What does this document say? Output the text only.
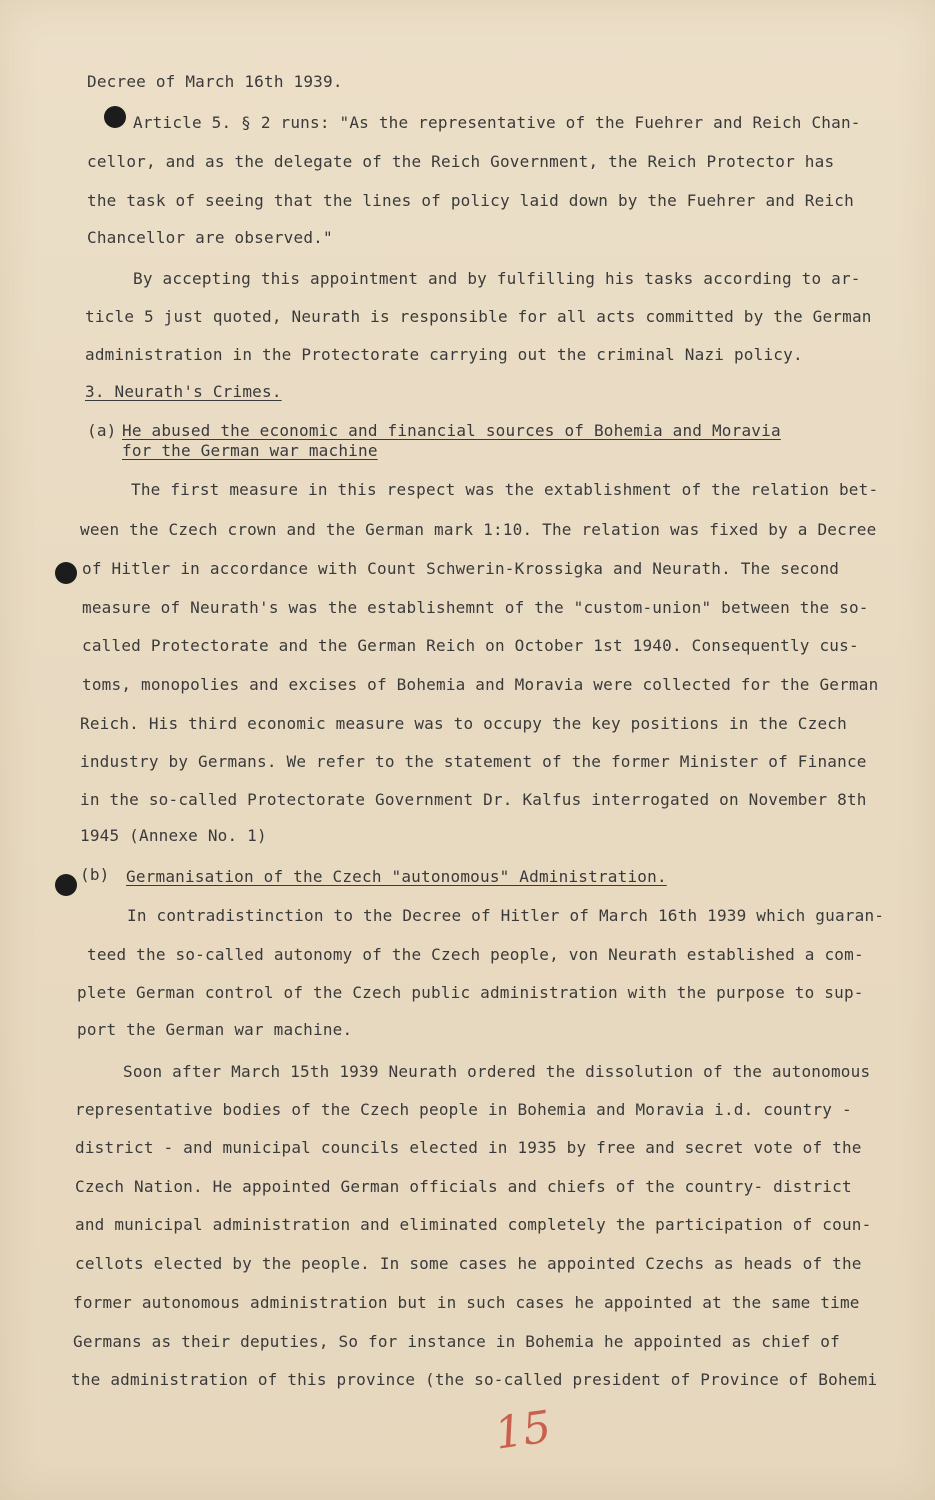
Decree of March 16th 1939.
Article 5. § 2 runs: "As the representative of the Fuehrer and Reich Chan-
cellor, and as the delegate of the Reich Government, the Reich Protector has
the task of seeing that the lines of policy laid down by the Fuehrer and Reich
Chancellor are observed."
By accepting this appointment and by fulfilling his tasks according to ar-
ticle 5 just quoted, Neurath is responsible for all acts committed by the German
administration in the Protectorate carrying out the criminal Nazi policy.
3. Neurath's Crimes.
(a) He abused the economic and financial sources of Bohemia and Moravia
for the German war machine
The first measure in this respect was the extablishment of the relation bet-
ween the Czech crown and the German mark 1:10. The relation was fixed by a Decree
of Hitler in accordance with Count Schwerin-Krossigka and Neurath. The second
measure of Neurath's was the establishemnt of the "custom-union" between the so-
called Protectorate and the German Reich on October 1st 1940. Consequently cus-
toms, monopolies and excises of Bohemia and Moravia were collected for the German
Reich. His third economic measure was to occupy the key positions in the Czech
industry by Germans. We refer to the statement of the former Minister of Finance
in the so-called Protectorate Government Dr. Kalfus interrogated on November 8th
1945 (Annexe No. 1)
(b) Germanisation of the Czech "autonomous" Administration.
In contradistinction to the Decree of Hitler of March 16th 1939 which guaran-
teed the so-called autonomy of the Czech people, von Neurath established a com-
plete German control of the Czech public administration with the purpose to sup-
port the German war machine.
Soon after March 15th 1939 Neurath ordered the dissolution of the autonomous
representative bodies of the Czech people in Bohemia and Moravia i.d. country -
district - and municipal councils elected in 1935 by free and secret vote of the
Czech Nation. He appointed German officials and chiefs of the country- district
and municipal administration and eliminated completely the participation of coun-
cellots elected by the people. In some cases he appointed Czechs as heads of the
former autonomous administration but in such cases he appointed at the same time
Germans as their deputies, So for instance in Bohemia he appointed as chief of
the administration of this province (the so-called president of Province of Bohemi
15
